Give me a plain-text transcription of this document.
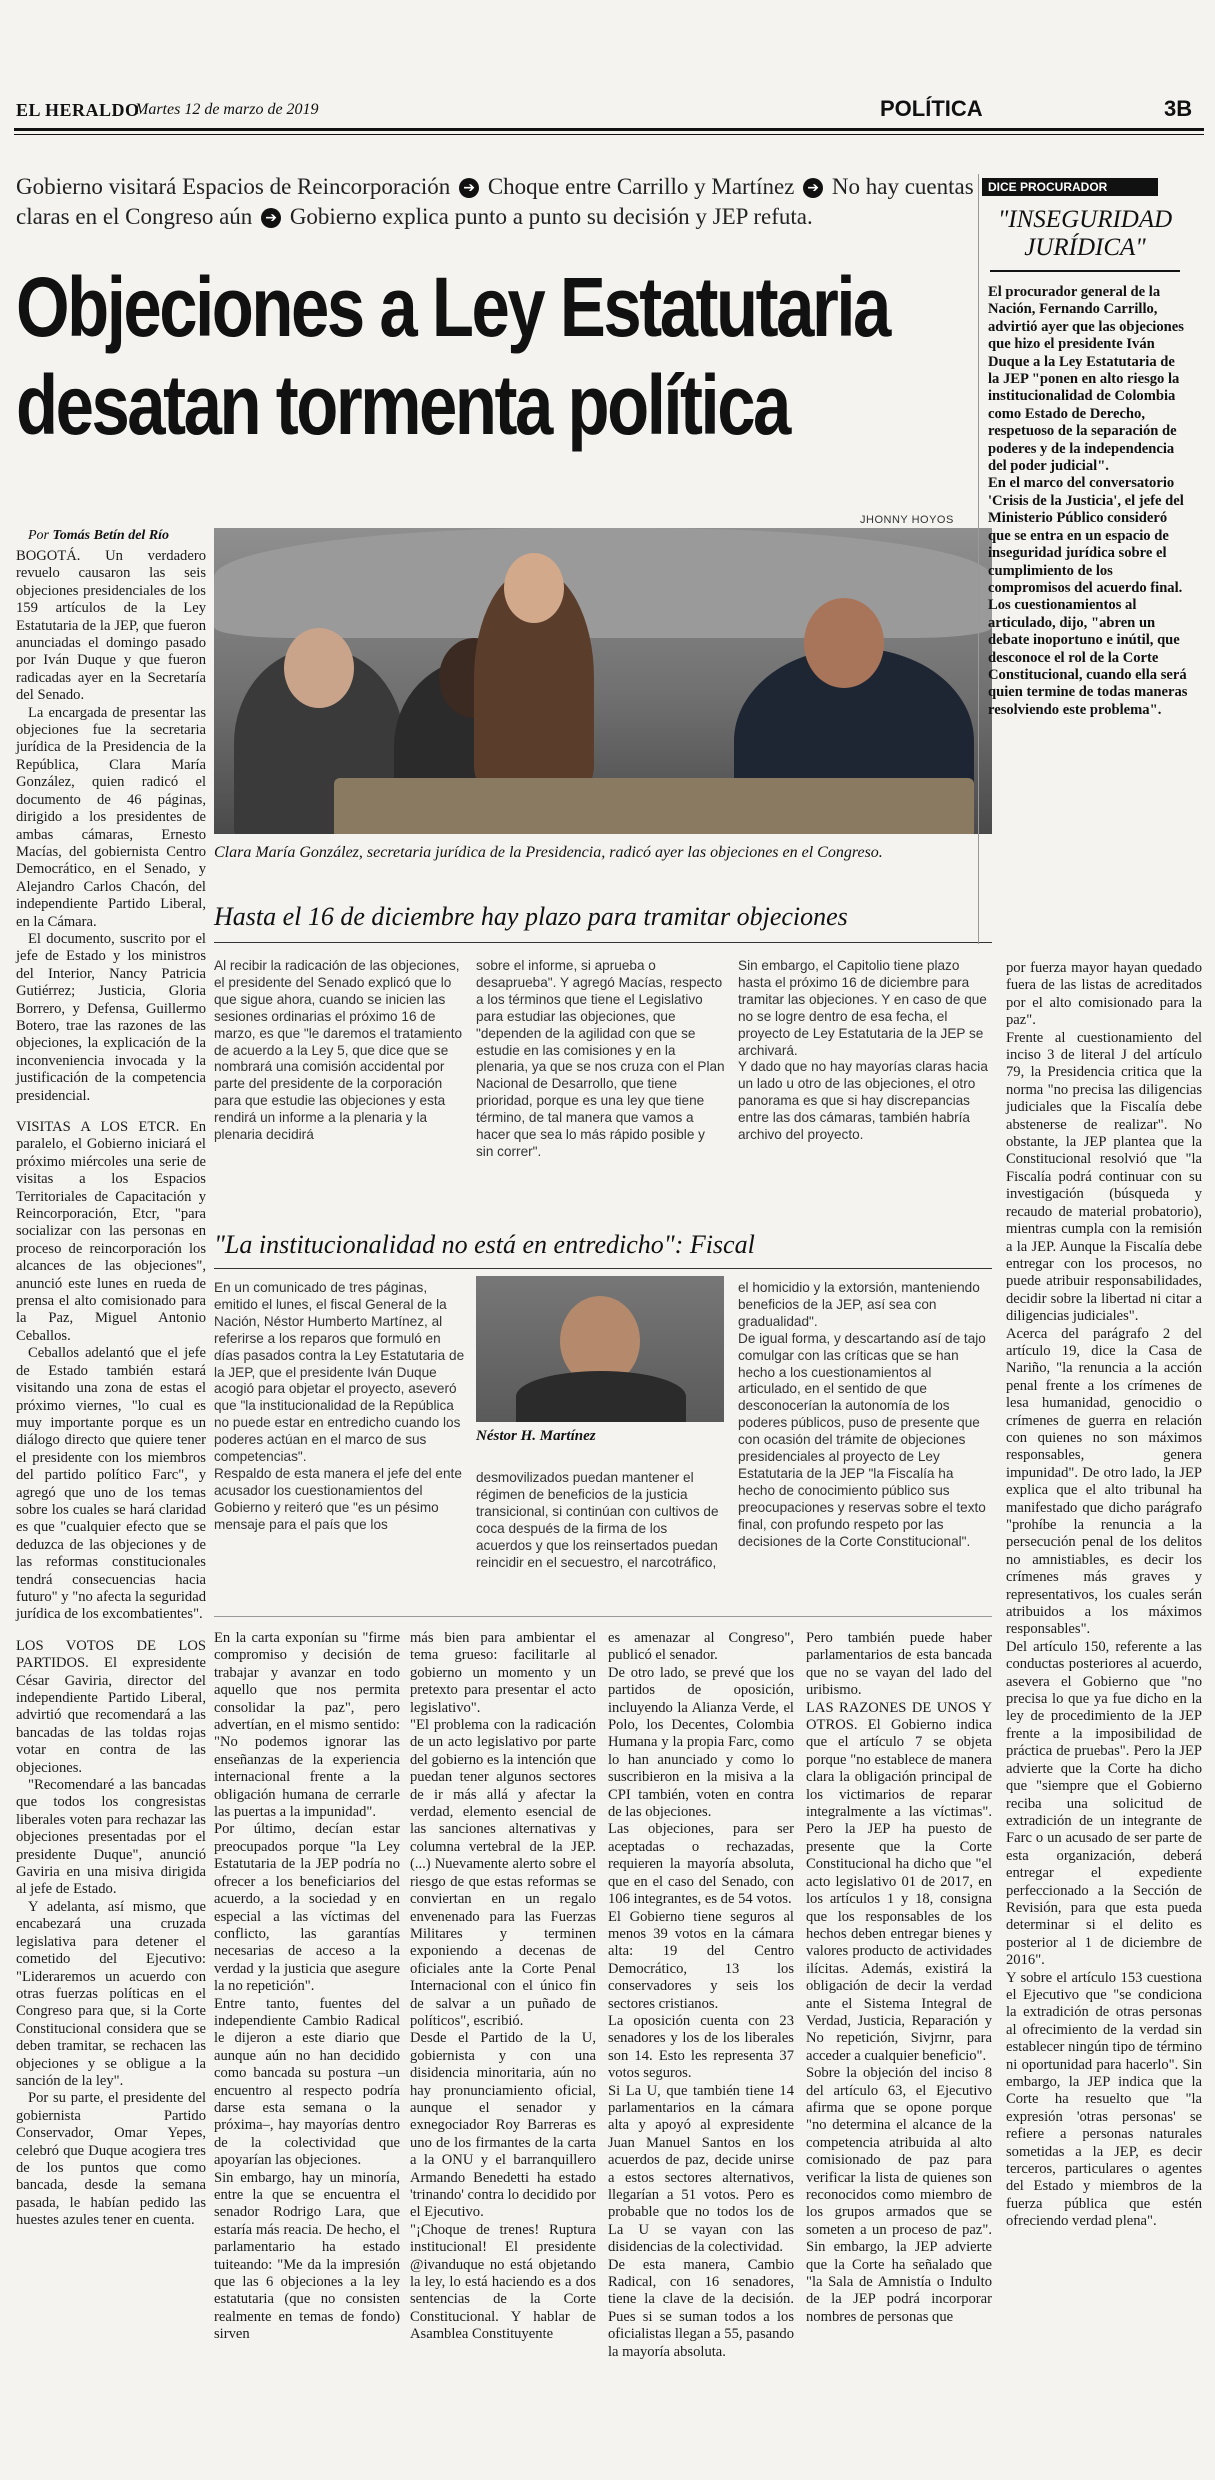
EL HERALDO
Martes 12 de marzo de 2019	POLÍTICA	3B
Gobierno visitará Espacios de Reincorporación ➔ Choque entre Carrillo y Martínez ➔ No hay cuentas claras en el Congreso aún ➔ Gobierno explica punto a punto su decisión y JEP refuta.
Objeciones a Ley Estatutaria
desatan tormenta política
Por Tomás Betín del Río
JHONNY HOYOS
Clara María González, secretaria jurídica de la Presidencia, radicó ayer las objeciones en el Congreso.
Hasta el 16 de diciembre hay plazo para tramitar objeciones

BOGOTÁ. Un verdadero revuelo causaron las seis objeciones presidenciales de los 159 artículos de la Ley Estatutaria de la JEP, que fueron anunciadas el domingo pasado por Iván Duque y que fueron radicadas ayer en la Secretaría del Senado.

La encargada de presentar las objeciones fue la secretaria jurídica de la Presidencia de la República, Clara María González, quien radicó el documento de 46 páginas, dirigido a los presidentes de ambas cámaras, Ernesto Macías, del gobiernista Centro Democrático, en el Senado, y Alejandro Carlos Chacón, del independiente Partido Liberal, en la Cámara.

El documento, suscrito por el jefe de Estado y los ministros del Interior, Nancy Patricia Gutiérrez; Justicia, Gloria Borrero, y Defensa, Guillermo Botero, trae las razones de las objeciones, la explicación de la inconveniencia invocada y la justificación de la competencia presidencial.

VISITAS A LOS ETCR. En paralelo, el Gobierno iniciará el próximo miércoles una serie de visitas a los Espacios Territoriales de Capacitación y Reincorporación, Etcr, "para socializar con las personas en proceso de reincorporación los alcances de las objeciones", anunció este lunes en rueda de prensa el alto comisionado para la Paz, Miguel Antonio Ceballos.

Ceballos adelantó que el jefe de Estado también estará visitando una zona de estas el próximo viernes, "lo cual es muy importante porque es un diálogo directo que quiere tener el presidente con los miembros del partido político Farc", y agregó que uno de los temas sobre los cuales se hará claridad es que "cualquier efecto que se deduzca de las objeciones y de las reformas constitucionales tendrá consecuencias hacia futuro" y "no afecta la seguridad jurídica de los excombatientes".

LOS VOTOS DE LOS PARTIDOS. El expresidente César Gaviria, director del independiente Partido Liberal, advirtió que recomendará a las bancadas de las toldas rojas votar en contra de las objeciones.

"Recomendaré a las bancadas que todos los congresistas liberales voten para rechazar las objeciones presentadas por el presidente Duque", anunció Gaviria en una misiva dirigida al jefe de Estado.

Y adelanta, así mismo, que encabezará una cruzada legislativa para detener el cometido del Ejecutivo: "Lideraremos un acuerdo con otras fuerzas políticas en el Congreso para que, si la Corte Constitucional considera que se deben tramitar, se rechacen las objeciones y se obligue a la sanción de la ley".

Por su parte, el presidente del gobiernista Partido Conservador, Omar Yepes, celebró que Duque acogiera tres de los puntos que como bancada, desde la semana pasada, le habían pedido las huestes azules tener en cuenta.

Al recibir la radicación de las objeciones, el presidente del Senado explicó que lo que sigue ahora, cuando se inicien las sesiones ordinarias el próximo 16 de marzo, es que "le daremos el tratamiento de acuerdo a la Ley 5, que dice que se nombrará una comisión accidental por parte del presidente de la corporación para que estudie las objeciones y esta rendirá un informe a la plenaria y la plenaria decidirá
sobre el informe, si aprueba o desaprueba". Y agregó Macías, respecto a los términos que tiene el Legislativo para estudiar las objeciones, que "dependen de la agilidad con que se estudie en las comisiones y en la plenaria, ya que se nos cruza con el Plan Nacional de Desarrollo, que tiene prioridad, porque es una ley que tiene término, de tal manera que vamos a hacer que sea lo más rápido posible y sin correr".
Sin embargo, el Capitolio tiene plazo hasta el próximo 16 de diciembre para tramitar las objeciones. Y en caso de que no se logre dentro de esa fecha, el proyecto de Ley Estatutaria de la JEP se archivará.
Y dado que no hay mayorías claras hacia un lado u otro de las objeciones, el otro panorama es que si hay discrepancias entre las dos cámaras, también habría archivo del proyecto.
"La institucionalidad no está en entredicho": Fiscal
En un comunicado de tres páginas, emitido el lunes, el fiscal General de la Nación, Néstor Humberto Martínez, al referirse a los reparos que formuló en días pasados contra la Ley Estatutaria de la JEP, que el presidente Iván Duque acogió para objetar el proyecto, aseveró que "la institucionalidad de la República no puede estar en entredicho cuando los poderes actúan en el marco de sus competencias".
Respaldo de esta manera el jefe del ente acusador los cuestionamientos del Gobierno y reiteró que "es un pésimo mensaje para el país que los
Néstor H. Martínez
desmovilizados puedan mantener el régimen de beneficios de la justicia transicional, si continúan con cultivos de coca después de la firma de los acuerdos y que los reinsertados puedan reincidir en el secuestro, el narcotráfico,
el homicidio y la extorsión, manteniendo beneficios de la JEP, así sea con gradualidad".
De igual forma, y descartando así de tajo comulgar con las críticas que se han hecho a los cuestionamientos al articulado, en el sentido de que desconocerían la autonomía de los poderes públicos, puso de presente que con ocasión del trámite de objeciones presidenciales al proyecto de Ley Estatutaria de la JEP "la Fiscalía ha hecho de conocimiento público sus preocupaciones y reservas sobre el texto final, con profundo respeto por las decisiones de la Corte Constitucional".
En la carta exponían su "firme compromiso y decisión de trabajar y avanzar en todo aquello que nos permita consolidar la paz", pero advertían, en el mismo sentido: "No podemos ignorar las enseñanzas de la experiencia internacional frente a la obligación humana de cerrarle las puertas a la impunidad".
Por último, decían estar preocupados porque "la Ley Estatutaria de la JEP podría no ofrecer a los beneficiarios del acuerdo, a la sociedad y en especial a las víctimas del conflicto, las garantías necesarias de acceso a la verdad y la justicia que asegure la no repetición".
Entre tanto, fuentes del independiente Cambio Radical le dijeron a este diario que aunque aún no han decidido como bancada su postura –un encuentro al respecto podría darse esta semana o la próxima–, hay mayorías dentro de la colectividad que apoyarían las objeciones.
Sin embargo, hay un minoría, entre la que se encuentra el senador Rodrigo Lara, que estaría más reacia. De hecho, el parlamentario ha estado tuiteando: "Me da la impresión que las 6 objeciones a la ley estatutaria (que no consisten realmente en temas de fondo) sirven
más bien para ambientar el tema grueso: facilitarle al gobierno un momento y un pretexto para presentar el acto legislativo".
"El problema con la radicación de un acto legislativo por parte del gobierno es la intención que puedan tener algunos sectores de ir más allá y afectar la verdad, elemento esencial de las sanciones alternativas y columna vertebral de la JEP. (...) Nuevamente alerto sobre el riesgo de que estas reformas se conviertan en un regalo envenenado para las Fuerzas Militares y terminen exponiendo a decenas de oficiales ante la Corte Penal Internacional con el único fin de salvar a un puñado de políticos", escribió.
Desde el Partido de la U, gobiernista y con una disidencia minoritaria, aún no hay pronunciamiento oficial, aunque el senador y exnegociador Roy Barreras es uno de los firmantes de la carta a la ONU y el barranquillero Armando Benedetti ha estado 'trinando' contra lo decidido por el Ejecutivo.
"¡Choque de trenes! Ruptura institucional! El presidente @ivanduque no está objetando la ley, lo está haciendo es a dos sentencias de la Corte Constitucional. Y hablar de Asamblea Constituyente
es amenazar al Congreso", publicó el senador.
De otro lado, se prevé que los partidos de oposición, incluyendo la Alianza Verde, el Polo, los Decentes, Colombia Humana y la propia Farc, como lo han anunciado y como lo suscribieron en la misiva a la CPI también, voten en contra de las objeciones.
Las objeciones, para ser aceptadas o rechazadas, requieren la mayoría absoluta, que en el caso del Senado, con 106 integrantes, es de 54 votos.
El Gobierno tiene seguros al menos 39 votos en la cámara alta: 19 del Centro Democrático, 13 los conservadores y seis los sectores cristianos.
La oposición cuenta con 23 senadores y los de los liberales son 14. Esto les representa 37 votos seguros.
Si La U, que también tiene 14 parlamentarios en la cámara alta y apoyó al expresidente Juan Manuel Santos en los acuerdos de paz, decide unirse a estos sectores alternativos, llegarían a 51 votos. Pero es probable que no todos los de La U se vayan con las disidencias de la colectividad.
De esta manera, Cambio Radical, con 16 senadores, tiene la clave de la decisión. Pues si se suman todos a los oficialistas llegan a 55, pasando la mayoría absoluta.
Pero también puede haber parlamentarios de esta bancada que no se vayan del lado del uribismo.
LAS RAZONES DE UNOS Y OTROS. El Gobierno indica que el artículo 7 se objeta porque "no establece de manera clara la obligación principal de los victimarios de reparar integralmente a las víctimas". Pero la JEP ha puesto de presente que la Corte Constitucional ha dicho que "el acto legislativo 01 de 2017, en los artículos 1 y 18, consigna que los responsables de los hechos deben entregar bienes y valores producto de actividades ilícitas. Además, existirá la obligación de decir la verdad ante el Sistema Integral de Verdad, Justicia, Reparación y No repetición, Sivjrnr, para acceder a cualquier beneficio".
Sobre la objeción del inciso 8 del artículo 63, el Ejecutivo afirma que se opone porque "no determina el alcance de la competencia atribuida al alto comisionado de paz para verificar la lista de quienes son reconocidos como miembro de los grupos armados que se someten a un proceso de paz". Sin embargo, la JEP advierte que la Corte ha señalado que "la Sala de Amnistía o Indulto de la JEP podrá incorporar nombres de personas que
por fuerza mayor hayan quedado fuera de las listas de acreditados por el alto comisionado para la paz".
Frente al cuestionamiento del inciso 3 de literal J del artículo 79, la Presidencia critica que la norma "no precisa las diligencias judiciales que la Fiscalía debe abstenerse de realizar". No obstante, la JEP plantea que la Constitucional resolvió que "la Fiscalía podrá continuar con su investigación (búsqueda y recaudo de material probatorio), mientras cumpla con la remisión a la JEP. Aunque la Fiscalía debe entregar con los procesos, no puede atribuir responsabilidades, decidir sobre la libertad ni citar a diligencias judiciales".
Acerca del parágrafo 2 del artículo 19, dice la Casa de Nariño, "la renuncia a la acción penal frente a los crímenes de lesa humanidad, genocidio o crímenes de guerra en relación con quienes no son máximos responsables, genera impunidad". De otro lado, la JEP explica que el alto tribunal ha manifestado que dicho parágrafo "prohíbe la renuncia a la persecución penal de los delitos no amnistiables, es decir los crímenes más graves y representativos, los cuales serán atribuidos a los máximos responsables".
Del artículo 150, referente a las conductas posteriores al acuerdo, asevera el Gobierno que "no precisa lo que ya fue dicho en la ley de procedimiento de la JEP frente a la imposibilidad de práctica de pruebas". Pero la JEP advierte que la Corte ha dicho que "siempre que el Gobierno reciba una solicitud de extradición de un integrante de Farc o un acusado de ser parte de esta organización, deberá entregar el expediente perfeccionado a la Sección de Revisión, para que esta pueda determinar si el delito es posterior al 1 de diciembre de 2016".
Y sobre el artículo 153 cuestiona el Ejecutivo que "se condiciona la extradición de otras personas al ofrecimiento de la verdad sin establecer ningún tipo de término ni oportunidad para hacerlo". Sin embargo, la JEP indica que la Corte ha resuelto que "la expresión 'otras personas' se refiere a personas naturales sometidas a la JEP, es decir terceros, particulares o agentes del Estado y miembros de la fuerza pública que estén ofreciendo verdad plena".
DICE PROCURADOR
"INSEGURIDAD JURÍDICA"
El procurador general de la Nación, Fernando Carrillo, advirtió ayer que las objeciones que hizo el presidente Iván Duque a la Ley Estatutaria de la JEP "ponen en alto riesgo la institucionalidad de Colombia como Estado de Derecho, respetuoso de la separación de poderes y de la independencia del poder judicial".
En el marco del conversatorio 'Crisis de la Justicia', el jefe del Ministerio Público consideró que se entra en un espacio de inseguridad jurídica sobre el cumplimiento de los compromisos del acuerdo final.
Los cuestionamientos al articulado, dijo, "abren un debate inoportuno e inútil, que desconoce el rol de la Corte Constitucional, cuando ella será quien termine de todas maneras resolviendo este problema".
